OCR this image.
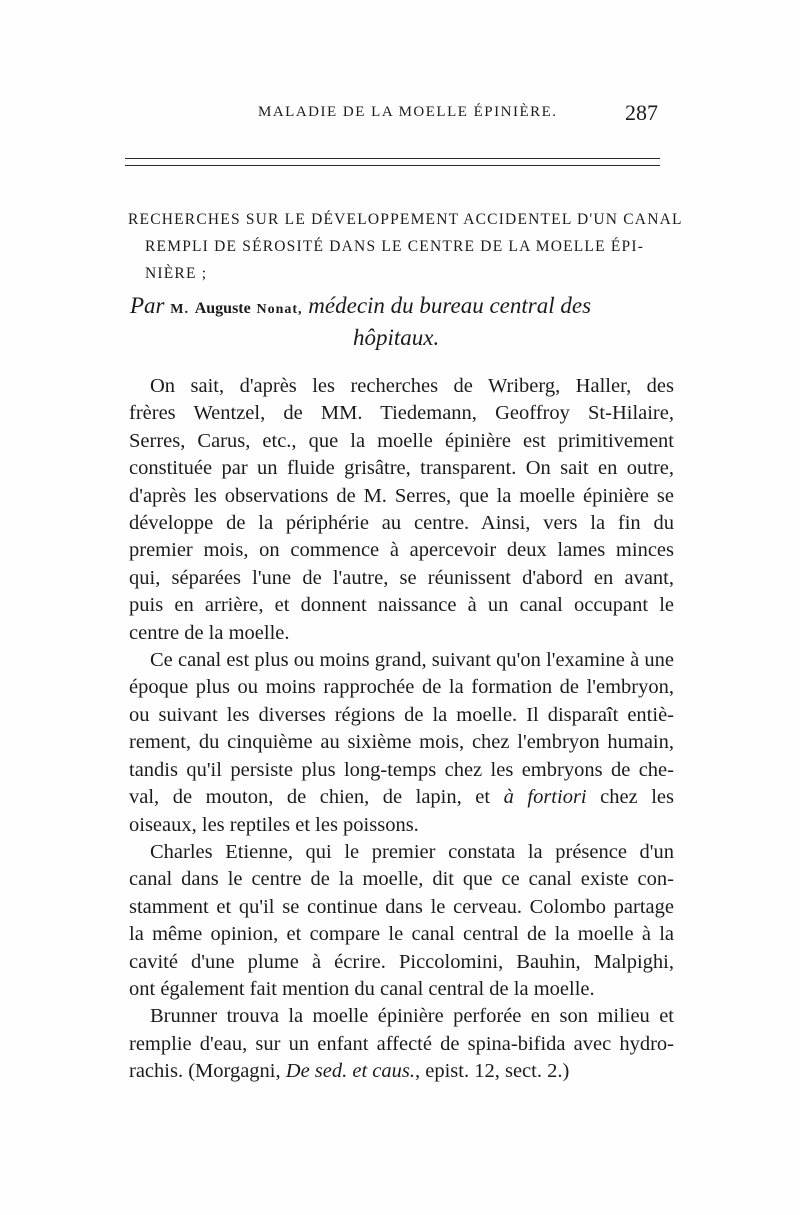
MALADIE DE LA MOELLE ÉPINIÈRE.	287
RECHERCHES SUR LE DÉVELOPPEMENT ACCIDENTEL D'UN CANAL
REMPLI DE SÉROSITÉ DANS LE CENTRE DE LA MOELLE ÉPI-
NIÈRE ;
Par M. Auguste Nonat, médecin du bureau central des
hôpitaux.
On sait, d'après les recherches de Wriberg, Haller, des
frères Wentzel, de MM. Tiedemann, Geoffroy St-Hilaire,
Serres, Carus, etc., que la moelle épinière est primitivement
constituée par un fluide grisâtre, transparent. On sait en outre,
d'après les observations de M. Serres, que la moelle épinière se
développe de la périphérie au centre. Ainsi, vers la fin du
premier mois, on commence à apercevoir deux lames minces
qui, séparées l'une de l'autre, se réunissent d'abord en avant,
puis en arrière, et donnent naissance à un canal occupant le
centre de la moelle.
Ce canal est plus ou moins grand, suivant qu'on l'examine à une
époque plus ou moins rapprochée de la formation de l'embryon,
ou suivant les diverses régions de la moelle. Il disparaît entiè-
rement, du cinquième au sixième mois, chez l'embryon humain,
tandis qu'il persiste plus long-temps chez les embryons de che-
val, de mouton, de chien, de lapin, et à fortiori chez les
oiseaux, les reptiles et les poissons.
Charles Etienne, qui le premier constata la présence d'un
canal dans le centre de la moelle, dit que ce canal existe con-
stamment et qu'il se continue dans le cerveau. Colombo partage
la même opinion, et compare le canal central de la moelle à la
cavité d'une plume à écrire. Piccolomini, Bauhin, Malpighi,
ont également fait mention du canal central de la moelle.
Brunner trouva la moelle épinière perforée en son milieu et
remplie d'eau, sur un enfant affecté de spina-bifida avec hydro-
rachis. (Morgagni, De sed. et caus., epist. 12, sect. 2.)
